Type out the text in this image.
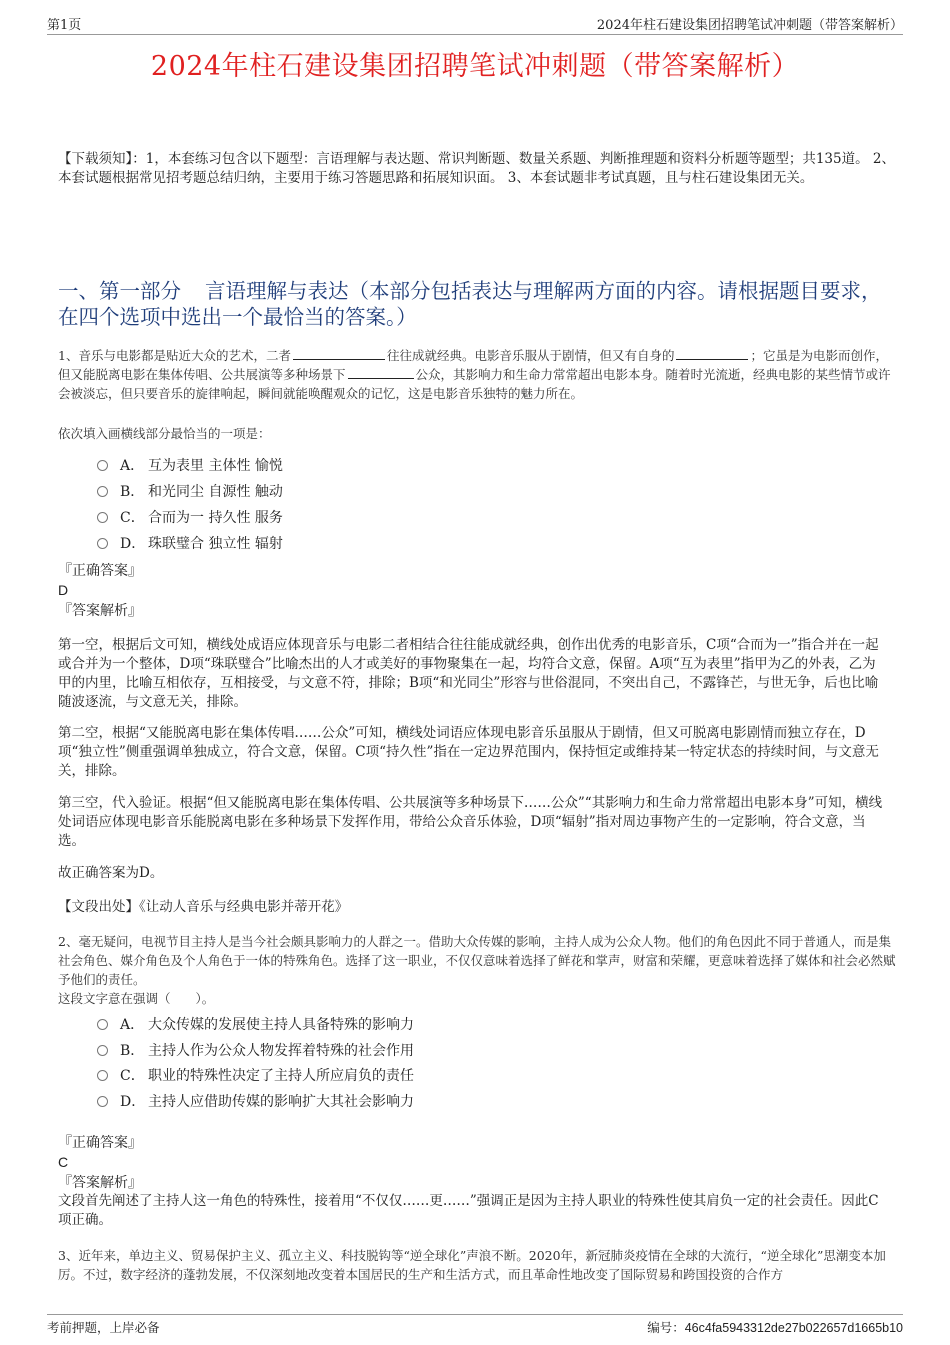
第1页	2024年柱石建设集团招聘笔试冲刺题（带答案解析）
2024年柱石建设集团招聘笔试冲刺题（带答案解析）
【下载须知】：1，本套练习包含以下题型：言语理解与表达题、常识判断题、数量关系题、判断推理题和资料分析题等题型；共135道。 2、本套试题根据常见招考题总结归纳，主要用于练习答题思路和拓展知识面。 3、本套试题非考试真题，且与柱石建设集团无关。
一、第一部分 言语理解与表达（本部分包括表达与理解两方面的内容。请根据题目要求，在四个选项中选出一个最恰当的答案。）
1、音乐与电影都是贴近大众的艺术，二者	往往成就经典。电影音乐服从于剧情，但又有自身的	；它虽是为电影而创作，但又能脱离电影在集体传唱、公共展演等多种场景下	公众，其影响力和生命力常常超出电影本身。随着时光流逝，经典电影的某些情节或许会被淡忘，但只要音乐的旋律响起，瞬间就能唤醒观众的记忆，这是电影音乐独特的魅力所在。
依次填入画横线部分最恰当的一项是：
A． 互为表里 主体性 愉悦
B． 和光同尘 自源性 触动
C． 合而为一 持久性 服务
D． 珠联璧合 独立性 辐射
『正确答案』
D
『答案解析』
第一空，根据后文可知，横线处成语应体现音乐与电影二者相结合往往能成就经典，创作出优秀的电影音乐，C项“合而为一”指合并在一起或合并为一个整体，D项“珠联璧合”比喻杰出的人才或美好的事物聚集在一起，均符合文意，保留。A项“互为表里”指甲为乙的外表，乙为甲的内里，比喻互相依存，互相接受，与文意不符，排除；B项“和光同尘”形容与世俗混同，不突出自己，不露锋芒，与世无争，后也比喻随波逐流，与文意无关，排除。
第二空，根据“又能脱离电影在集体传唱……公众”可知，横线处词语应体现电影音乐虽服从于剧情，但又可脱离电影剧情而独立存在，D项“独立性”侧重强调单独成立，符合文意，保留。C项“持久性”指在一定边界范围内，保持恒定或维持某一特定状态的持续时间，与文意无关，排除。
第三空，代入验证。根据“但又能脱离电影在集体传唱、公共展演等多种场景下……公众”“其影响力和生命力常常超出电影本身”可知，横线处词语应体现电影音乐能脱离电影在多种场景下发挥作用，带给公众音乐体验，D项“辐射”指对周边事物产生的一定影响，符合文意，当选。
故正确答案为D。
【文段出处】《让动人音乐与经典电影并蒂开花》
2、毫无疑问，电视节目主持人是当今社会颇具影响力的人群之一。借助大众传媒的影响，主持人成为公众人物。他们的角色因此不同于普通人，而是集社会角色、媒介角色及个人角色于一体的特殊角色。选择了这一职业，不仅仅意味着选择了鲜花和掌声，财富和荣耀，更意味着选择了媒体和社会必然赋予他们的责任。
这段文字意在强调（　　）。
A． 大众传媒的发展使主持人具备特殊的影响力
B． 主持人作为公众人物发挥着特殊的社会作用
C． 职业的特殊性决定了主持人所应肩负的责任
D． 主持人应借助传媒的影响扩大其社会影响力
『正确答案』
C
『答案解析』
文段首先阐述了主持人这一角色的特殊性，接着用“不仅仅……更……”强调正是因为主持人职业的特殊性使其肩负一定的社会责任。因此C项正确。
3、近年来，单边主义、贸易保护主义、孤立主义、科技脱钩等“逆全球化”声浪不断。2020年，新冠肺炎疫情在全球的大流行，“逆全球化”思潮变本加厉。不过，数字经济的蓬勃发展，不仅深刻地改变着本国居民的生产和生活方式，而且革命性地改变了国际贸易和跨国投资的合作方
考前押题，上岸必备	编号：46c4fa5943312de27b022657d1665b10
